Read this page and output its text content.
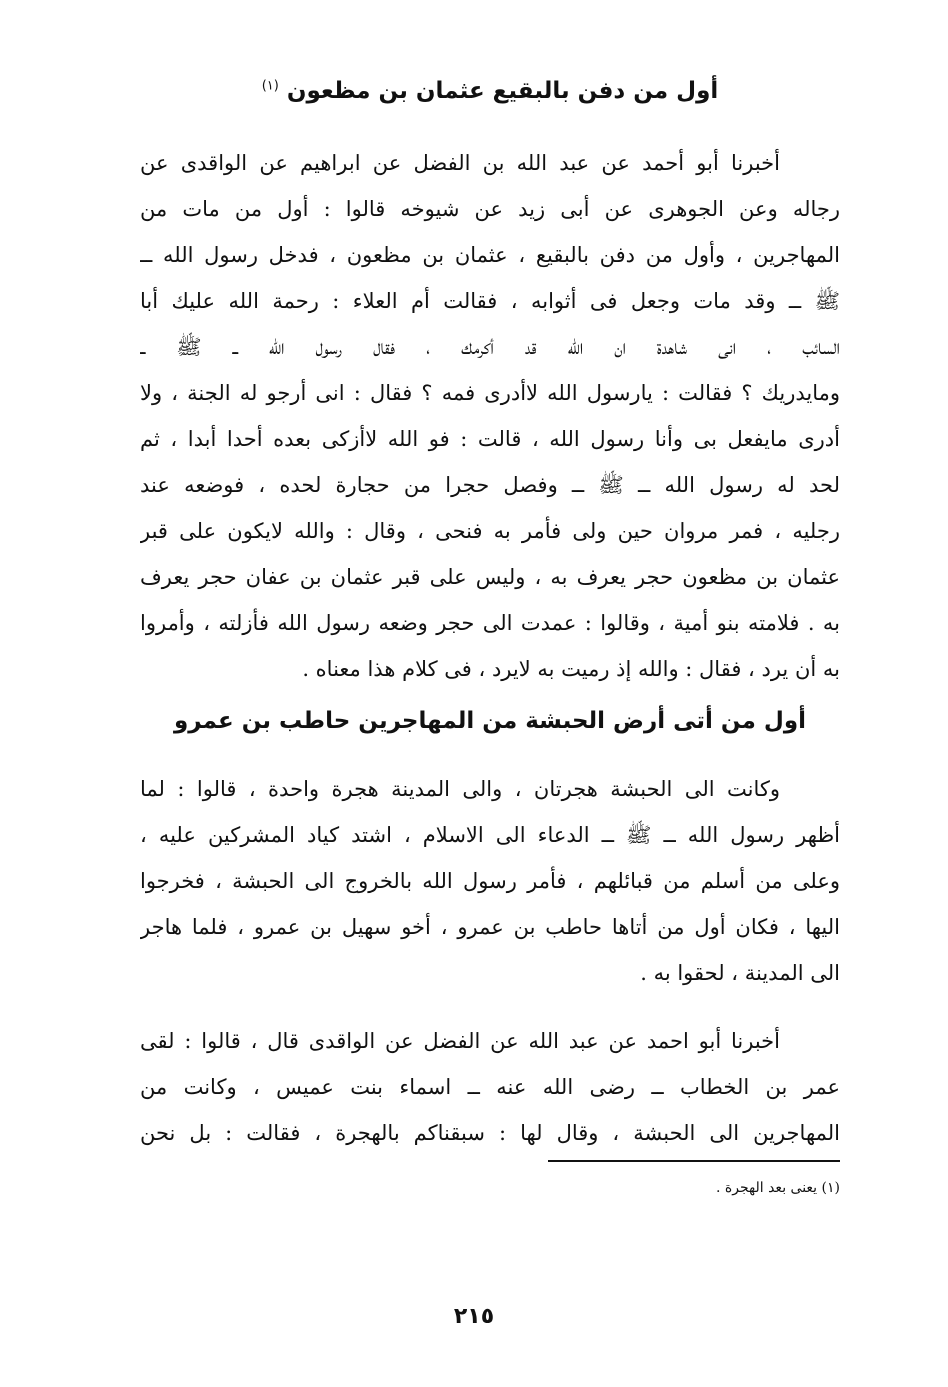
أول من دفن بالبقيع عثمان بن مظعون $^{(١)}$
أخبرنا أبو أحمد عن عبد الله بن الفضل عن ابراهيم عن الواقدى عن
رجاله وعن الجوهرى عن أبى زيد عن شيوخه قالوا : أول من مات من
المهاجرين ، وأول من دفن بالبقيع ، عثمان بن مظعون ، فدخل رسول الله ــ
ﷺ ــ وقد مات وجعل فى أثوابه ، فقالت أم العلاء : رحمة الله عليك أبا
السائب ، انى شاهدة ان الله قد أكرمك ، فقال رسول الله ــ ﷺ ــ
ومايدريك ؟ فقالت : يارسول الله لاأدرى فمه ؟ فقال : انى أرجو له الجنة ، ولا
أدرى مايفعل بى وأنا رسول الله ، قالت : فو الله لاأزكى بعده أحدا أبدا ، ثم
لحد له رسول الله ــ ﷺ ــ وفصل حجرا من حجارة لحده ، فوضعه عند
رجليه ، فمر مروان حين ولى فأمر به فنحى ، وقال : والله لايكون على قبر
عثمان بن مظعون حجر يعرف به ، وليس على قبر عثمان بن عفان حجر يعرف
به . فلامته بنو أمية ، وقالوا : عمدت الى حجر وضعه رسول الله فأزلته ، وأمروا
به أن يرد ، فقال : والله إذ رميت به لايرد ، فى كلام هذا معناه .
أول من أتى أرض الحبشة من المهاجرين حاطب بن عمرو
وكانت الى الحبشة هجرتان ، والى المدينة هجرة واحدة ، قالوا : لما
أظهر رسول الله ــ ﷺ ــ الدعاء الى الاسلام ، اشتد كياد المشركين عليه ،
وعلى من أسلم من قبائلهم ، فأمر رسول الله بالخروج الى الحبشة ، فخرجوا
اليها ، فكان أول من أتاها حاطب بن عمرو ، أخو سهيل بن عمرو ، فلما هاجر
الى المدينة ، لحقوا به .
أخبرنا أبو احمد عن عبد الله عن الفضل عن الواقدى قال ، قالوا : لقى
عمر بن الخطاب ــ رضى الله عنه ــ اسماء بنت عميس ، وكانت من
المهاجرين الى الحبشة ، وقال لها : سبقناكم بالهجرة ، فقالت : بل نحن
(١) يعنى بعد الهجرة .
٢١٥
